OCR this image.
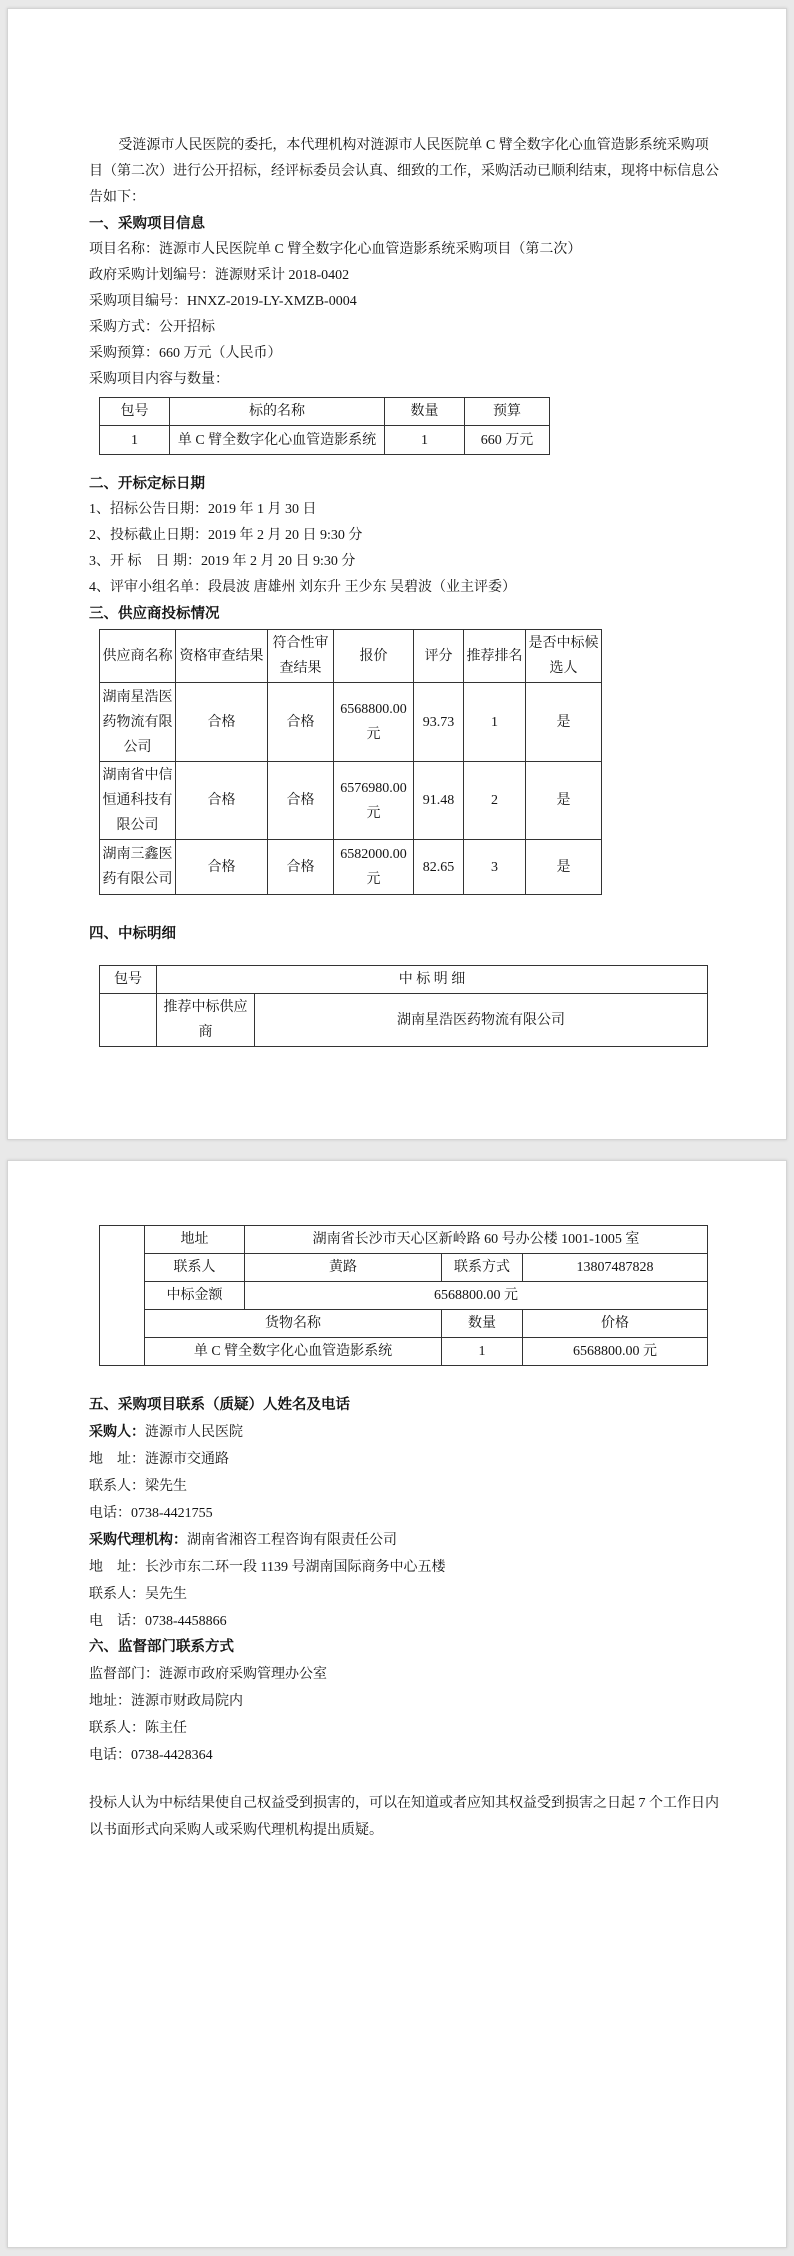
受涟源市人民医院的委托，本代理机构对涟源市人民医院单 C 臂全数字化心血管造影系统采购项目（第二次）进行公开招标，经评标委员会认真、细致的工作，采购活动已顺利结束，现将中标信息公告如下：

一、采购项目信息

项目名称：涟源市人民医院单 C 臂全数字化心血管造影系统采购项目（第二次）

政府采购计划编号：涟源财采计 2018-0402

采购项目编号：HNXZ-2019-LY-XMZB-0004

采购方式：公开招标

采购预算：660 万元（人民币）

采购项目内容与数量：

包号	标的名称	数量	预算
1	单 C 臂全数字化心血管造影系统	1	660 万元
二、开标定标日期

1、招标公告日期：2019 年 1 月 30 日

2、投标截止日期：2019 年 2 月 20 日 9:30 分

3、开 标　日 期：2019 年 2 月 20 日 9:30 分

4、评审小组名单：段晨波 唐雄州 刘东升 王少东 吴碧波（业主评委）

三、供应商投标情况
供应商名称	资格审查结果	符合性审查结果	报价	评分	推荐排名	是否中标候选人
湖南星浩医药物流有限公司	合格	合格	6568800.00 元	93.73	1	是
湖南省中信恒通科技有限公司	合格	合格	6576980.00 元	91.48	2	是
湖南三鑫医药有限公司	合格	合格	6582000.00 元	82.65	3	是
四、中标明细
包号	中 标 明 细	
	推荐中标供应商	湖南星浩医药物流有限公司
	地址	湖南省长沙市天心区新岭路 60 号办公楼 1001-1005 室		
	联系人	黄路	联系方式	13807487828
	中标金额	6568800.00 元		
	货物名称		数量	价格
	单 C 臂全数字化心血管造影系统		1	6568800.00 元
五、采购项目联系（质疑）人姓名及电话

采购人：涟源市人民医院

地　址：涟源市交通路

联系人：梁先生

电话：0738-4421755

采购代理机构：湖南省湘咨工程咨询有限责任公司

地　址：长沙市东二环一段 1139 号湖南国际商务中心五楼

联系人：吴先生

电　话：0738-4458866

六、监督部门联系方式

监督部门：涟源市政府采购管理办公室

地址：涟源市财政局院内

联系人：陈主任

电话：0738-4428364

投标人认为中标结果使自己权益受到损害的，可以在知道或者应知其权益受到损害之日起 7 个工作日内以书面形式向采购人或采购代理机构提出质疑。
